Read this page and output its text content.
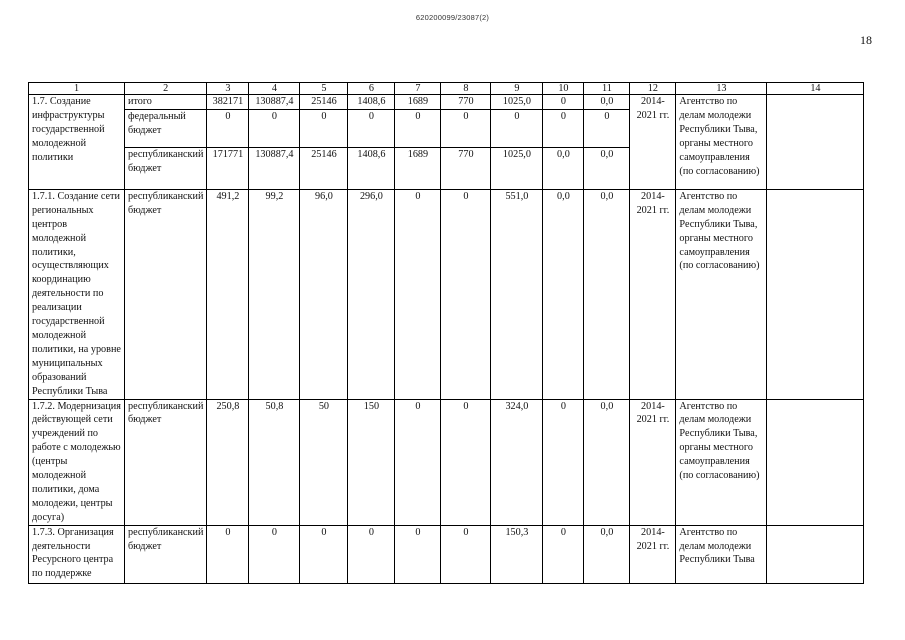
620200099/23087(2)
18
1	2	3	4	5	6	7	8	9	10	11	12	13	14
1.7. Создание инфраструктуры государственной молодежной политики	итого	382171	130887,4	25146	1408,6	1689	770	1025,0	0	0,0	2014-2021 гг.	Агентство по делам молодежи Республики Тыва, органы местного самоуправления (по согласованию)	
	федеральный бюджет	0	0	0	0	0	0	0	0	0			
	республиканский бюджет	171771	130887,4	25146	1408,6	1689	770	1025,0	0,0	0,0			
1.7.1. Создание сети региональных центров молодежной политики, осуществляющих координацию деятельности по реализации государственной молодежной политики, на уровне муниципальных образований Республики Тыва	республиканский бюджет	491,2	99,2	96,0	296,0	0	0	551,0	0,0	0,0	2014-2021 гг.	Агентство по делам молодежи Республики Тыва, органы местного самоуправления (по согласованию)	
1.7.2. Модернизация действующей сети учреждений по работе с молодежью (центры молодежной политики, дома молодежи, центры досуга)	республиканский бюджет	250,8	50,8	50	150	0	0	324,0	0	0,0	2014-2021 гг.	Агентство по делам молодежи Республики Тыва, органы местного самоуправления (по согласованию)	
1.7.3. Организация деятельности Ресурсного центра по поддержке	республиканский бюджет	0	0	0	0	0	0	150,3	0	0,0	2014-2021 гг.	Агентство по делам молодежи Республики Тыва	
